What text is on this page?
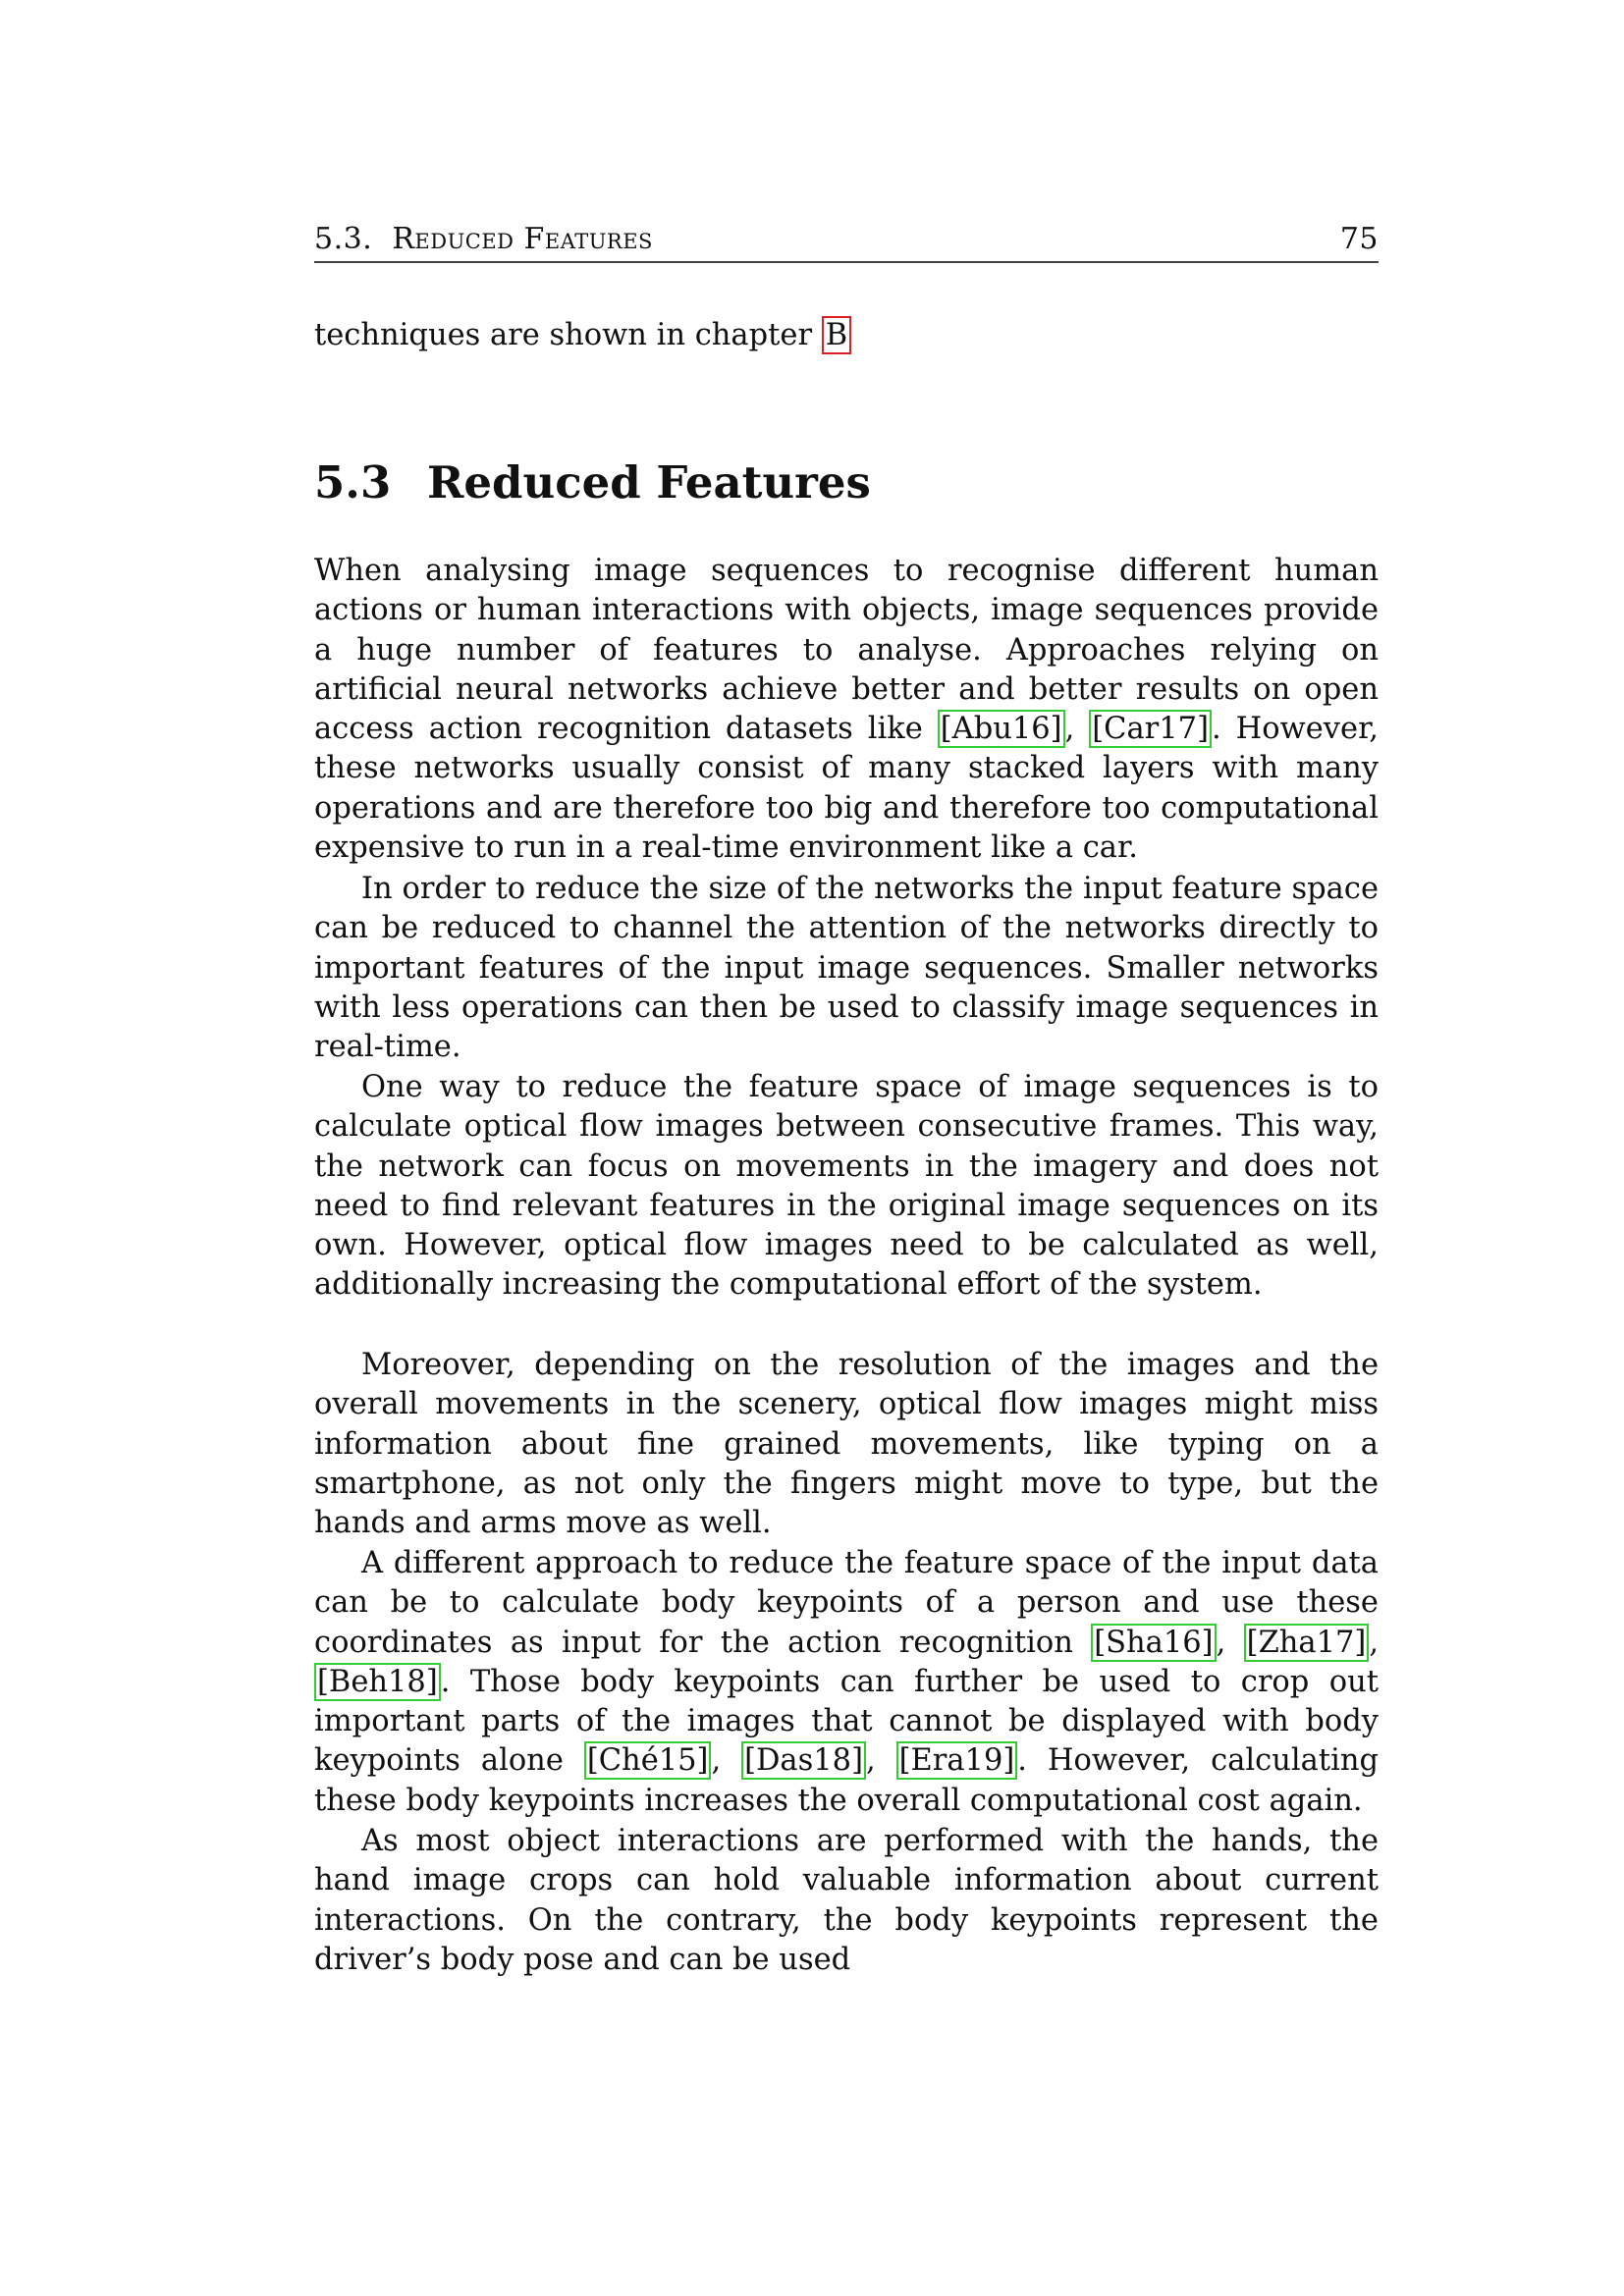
5.3. Reduced Features	75
techniques are shown in chapter B
5.3 Reduced Features
When analysing image sequences to recognise different human actions or human interactions with objects, image sequences provide a huge number of features to analyse. Approaches relying on artificial neural networks achieve better and better results on open access action recognition datasets like [Abu16], [Car17]. However, these networks usually consist of many stacked layers with many operations and are therefore too big and therefore too computational expensive to run in a real-time environment like a car.
In order to reduce the size of the networks the input feature space can be reduced to channel the attention of the networks directly to important features of the input image sequences. Smaller networks with less operations can then be used to classify image sequences in real-time.
One way to reduce the feature space of image sequences is to calculate optical flow images between consecutive frames. This way, the network can focus on movements in the imagery and does not need to find relevant features in the original image sequences on its own. However, optical flow images need to be calculated as well, additionally increasing the computational effort of the system.
Moreover, depending on the resolution of the images and the overall movements in the scenery, optical flow images might miss information about fine grained movements, like typing on a smartphone, as not only the fingers might move to type, but the hands and arms move as well.
A different approach to reduce the feature space of the input data can be to calculate body keypoints of a person and use these coordinates as input for the action recognition [Sha16], [Zha17], [Beh18]. Those body keypoints can further be used to crop out important parts of the images that cannot be displayed with body keypoints alone [Ché15], [Das18], [Era19]. However, calculating these body keypoints increases the overall computational cost again.
As most object interactions are performed with the hands, the hand image crops can hold valuable information about current interactions. On the contrary, the body keypoints represent the driver’s body pose and can be used
